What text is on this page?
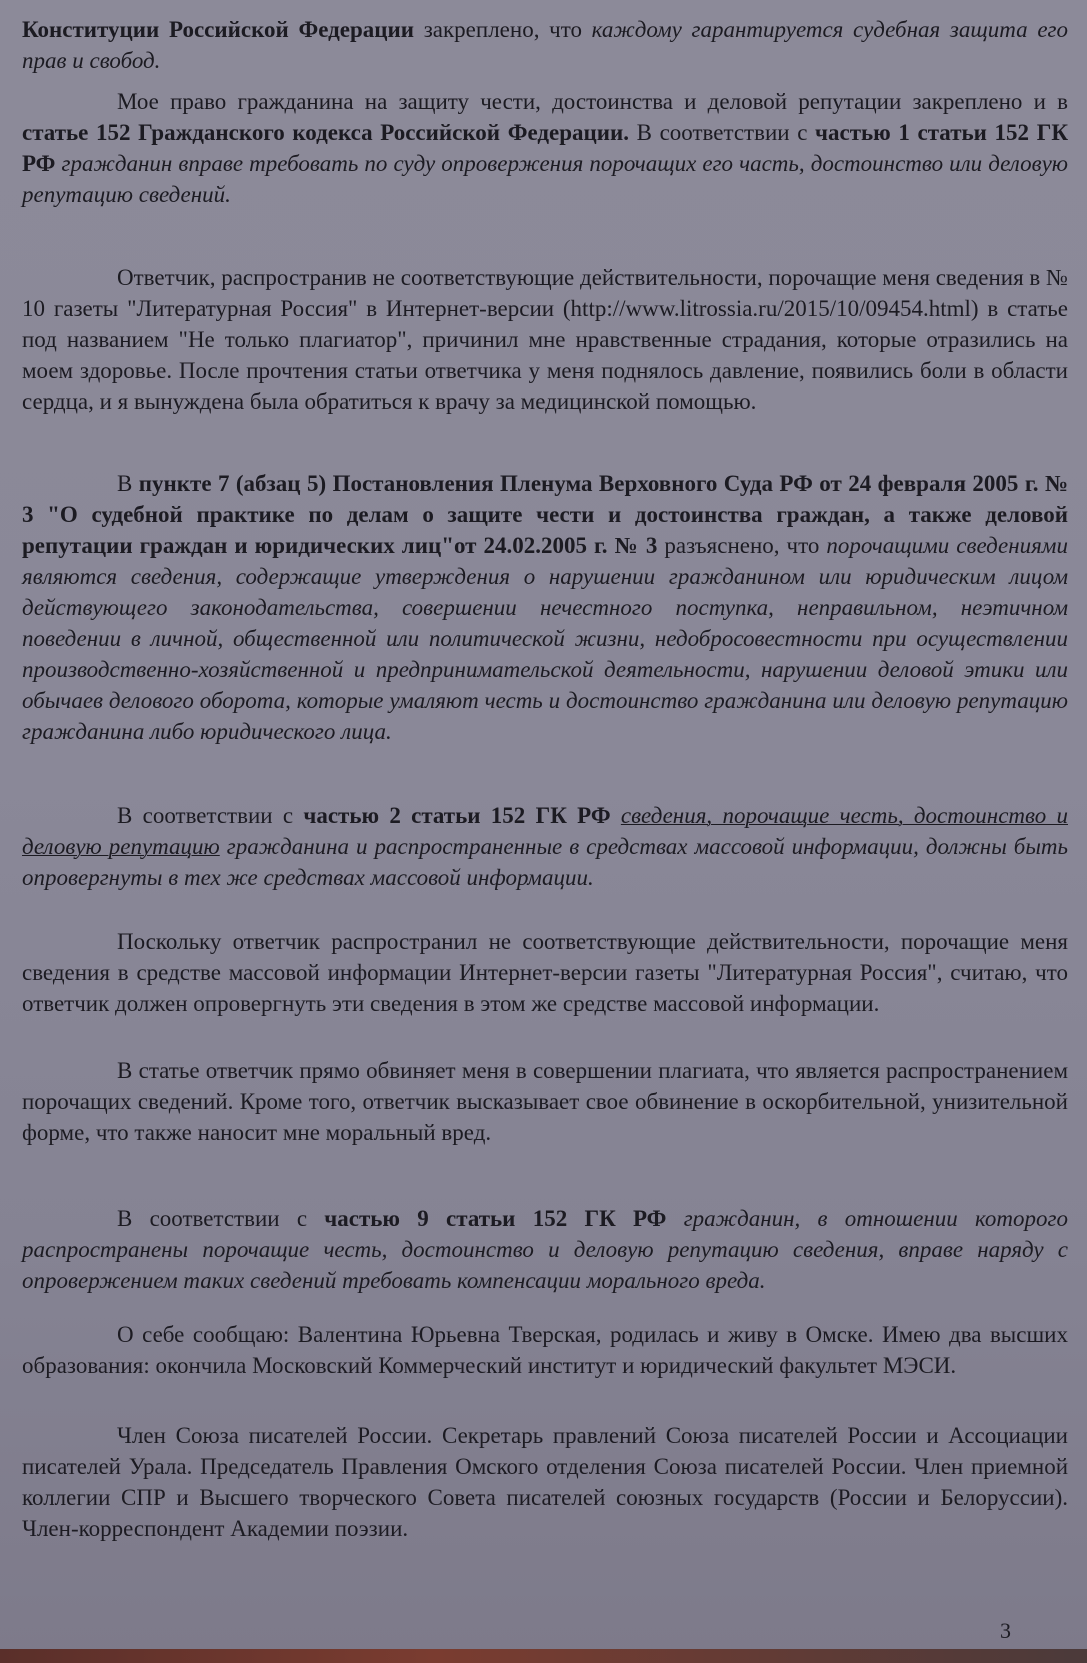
Конституции Российской Федерации закреплено, что каждому гарантируется судебная защита его прав и свобод.

Мое право гражданина на защиту чести, достоинства и деловой репутации закреплено и в статье 152 Гражданского кодекса Российской Федерации. В соответствии с частью 1 статьи 152 ГК РФ гражданин вправе требовать по суду опровержения порочащих его часть, достоинство или деловую репутацию сведений.

Ответчик, распространив не соответствующие действительности, порочащие меня сведения в № 10 газеты "Литературная Россия" в Интернет-версии (http://www.litrossia.ru/2015/10/09454.html) в статье под названием "Не только плагиатор", причинил мне нравственные страдания, которые отразились на моем здоровье. После прочтения статьи ответчика у меня поднялось давление, появились боли в области сердца, и я вынуждена была обратиться к врачу за медицинской помощью.

В пункте 7 (абзац 5) Постановления Пленума Верховного Суда РФ от 24 февраля 2005 г. № 3 "О судебной практике по делам о защите чести и достоинства граждан, а также деловой репутации граждан и юридических лиц"от 24.02.2005 г. № 3 разъяснено, что порочащими сведениями являются сведения, содержащие утверждения о нарушении гражданином или юридическим лицом действующего законодательства, совершении нечестного поступка, неправильном, неэтичном поведении в личной, общественной или политической жизни, недобросовестности при осуществлении производственно-хозяйственной и предпринимательской деятельности, нарушении деловой этики или обычаев делового оборота, которые умаляют честь и достоинство гражданина или деловую репутацию гражданина либо юридического лица.

В соответствии с частью 2 статьи 152 ГК РФ сведения, порочащие честь, достоинство и деловую репутацию гражданина и распространенные в средствах массовой информации, должны быть опровергнуты в тех же средствах массовой информации.

Поскольку ответчик распространил не соответствующие действительности, порочащие меня сведения в средстве массовой информации Интернет-версии газеты "Литературная Россия", считаю, что ответчик должен опровергнуть эти сведения в этом же средстве массовой информации.

В статье ответчик прямо обвиняет меня в совершении плагиата, что является распространением порочащих сведений. Кроме того, ответчик высказывает свое обвинение в оскорбительной, унизительной форме, что также наносит мне моральный вред.

В соответствии с частью 9 статьи 152 ГК РФ гражданин, в отношении которого распространены порочащие честь, достоинство и деловую репутацию сведения, вправе наряду с опровержением таких сведений требовать компенсации морального вреда.

О себе сообщаю: Валентина Юрьевна Тверская, родилась и живу в Омске. Имею два высших образования: окончила Московский Коммерческий институт и юридический факультет МЭСИ.

Член Союза писателей России. Секретарь правлений Союза писателей России и Ассоциации писателей Урала. Председатель Правления Омского отделения Союза писателей России. Член приемной коллегии СПР и Высшего творческого Совета писателей союзных государств (России и Белоруссии). Член-корреспондент Академии поэзии.

3
